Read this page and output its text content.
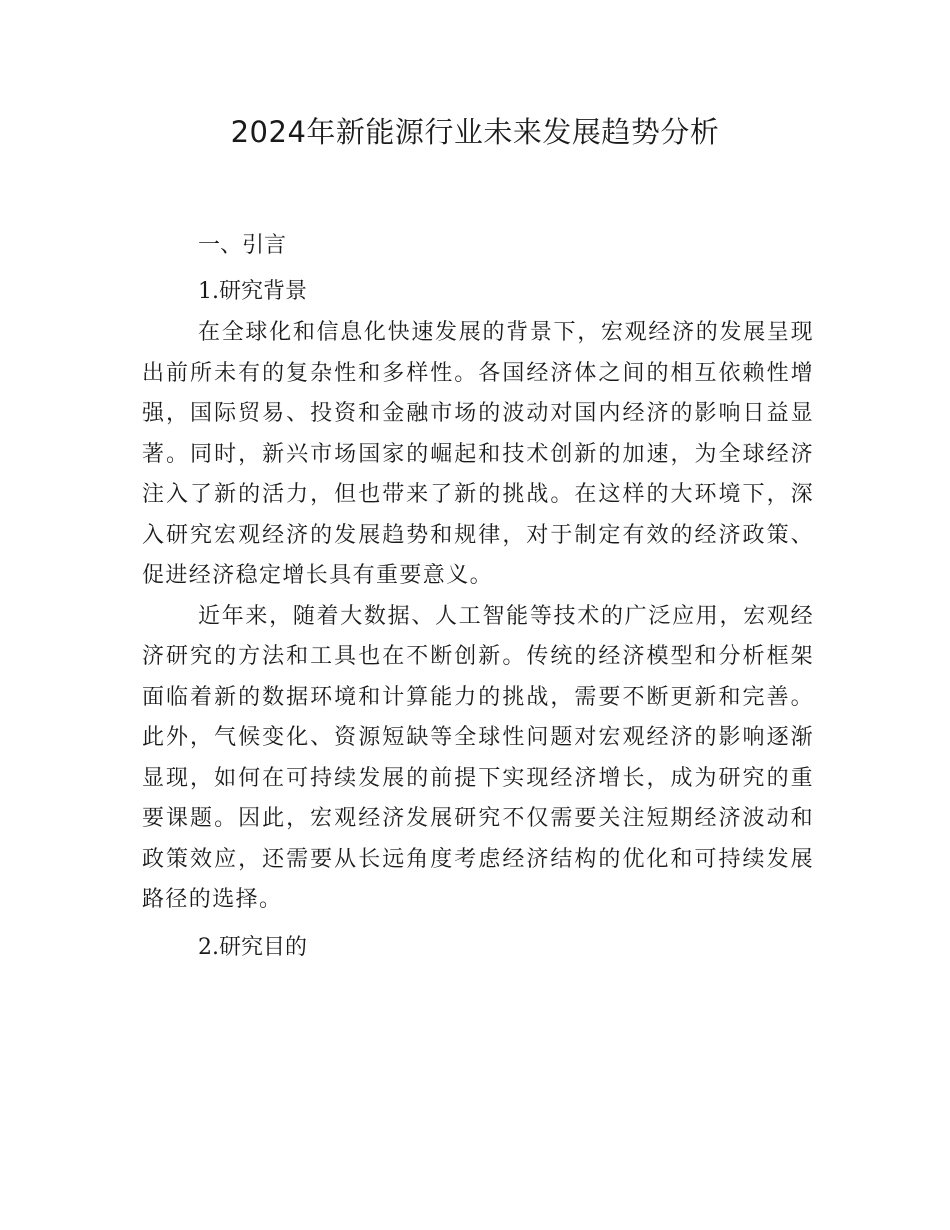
2024年新能源行业未来发展趋势分析
一、引言
1.研究背景

在全球化和信息化快速发展的背景下，宏观经济的发展呈现出前所未有的复杂性和多样性。各国经济体之间的相互依赖性增强，国际贸易、投资和金融市场的波动对国内经济的影响日益显著。同时，新兴市场国家的崛起和技术创新的加速，为全球经济注入了新的活力，但也带来了新的挑战。在这样的大环境下，深入研究宏观经济的发展趋势和规律，对于制定有效的经济政策、促进经济稳定增长具有重要意义。

近年来，随着大数据、人工智能等技术的广泛应用，宏观经济研究的方法和工具也在不断创新。传统的经济模型和分析框架面临着新的数据环境和计算能力的挑战，需要不断更新和完善。此外，气候变化、资源短缺等全球性问题对宏观经济的影响逐渐显现，如何在可持续发展的前提下实现经济增长，成为研究的重要课题。因此，宏观经济发展研究不仅需要关注短期经济波动和政策效应，还需要从长远角度考虑经济结构的优化和可持续发展路径的选择。

2.研究目的
